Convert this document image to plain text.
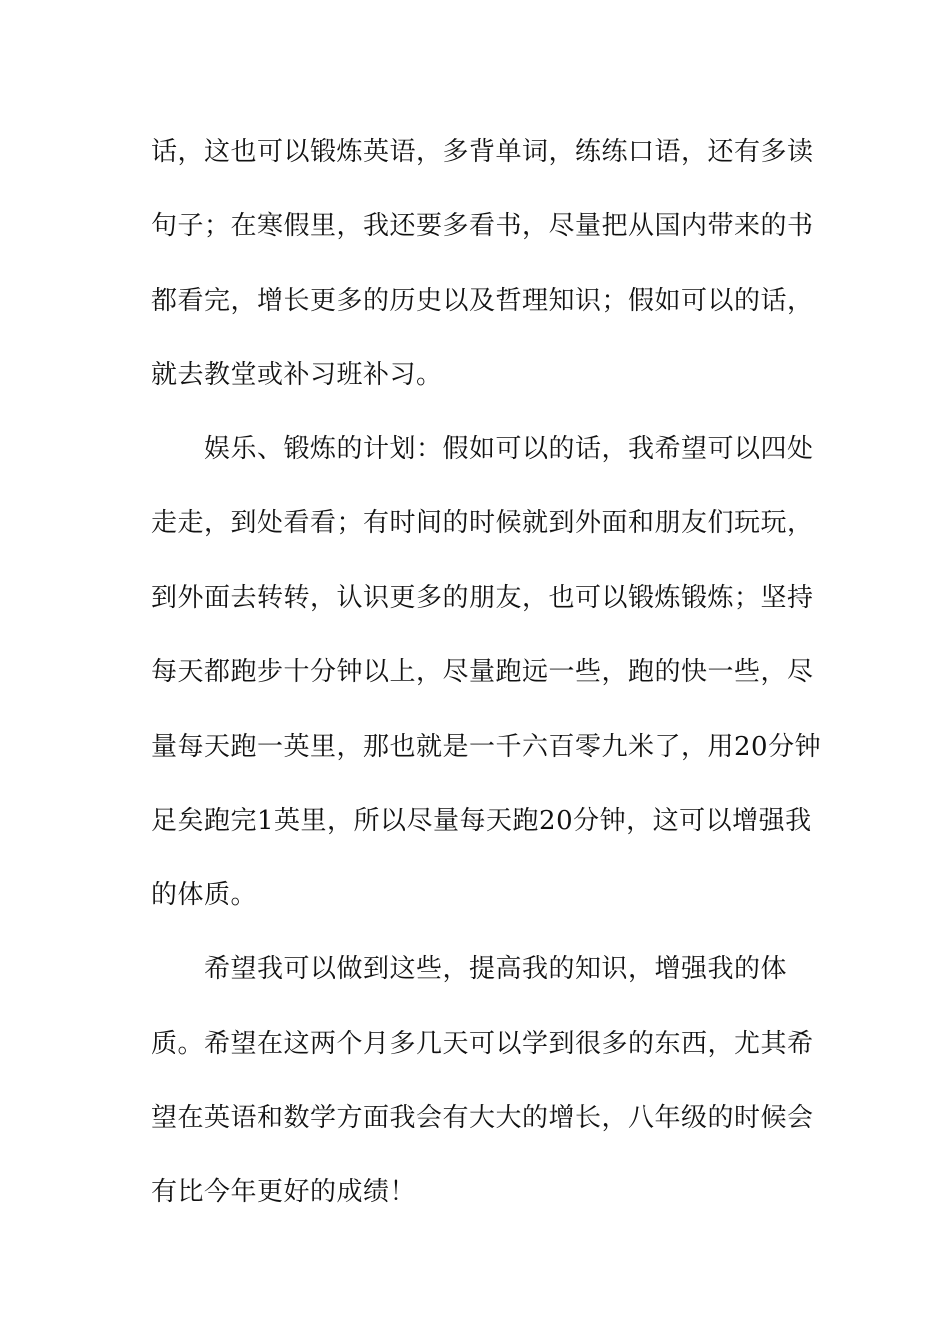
话，这也可以锻炼英语，多背单词，练练口语，还有多读
句子；在寒假里，我还要多看书，尽量把从国内带来的书
都看完，增长更多的历史以及哲理知识；假如可以的话，
就去教堂或补习班补习。
娱乐、锻炼的计划：假如可以的话，我希望可以四处
走走，到处看看；有时间的时候就到外面和朋友们玩玩，
到外面去转转，认识更多的朋友，也可以锻炼锻炼；坚持
每天都跑步十分钟以上，尽量跑远一些，跑的快一些，尽
量每天跑一英里，那也就是一千六百零九米了，用20分钟
足矣跑完1英里，所以尽量每天跑20分钟，这可以增强我
的体质。
希望我可以做到这些，提高我的知识，增强我的体
质。希望在这两个月多几天可以学到很多的东西，尤其希
望在英语和数学方面我会有大大的增长，八年级的时候会
有比今年更好的成绩！
